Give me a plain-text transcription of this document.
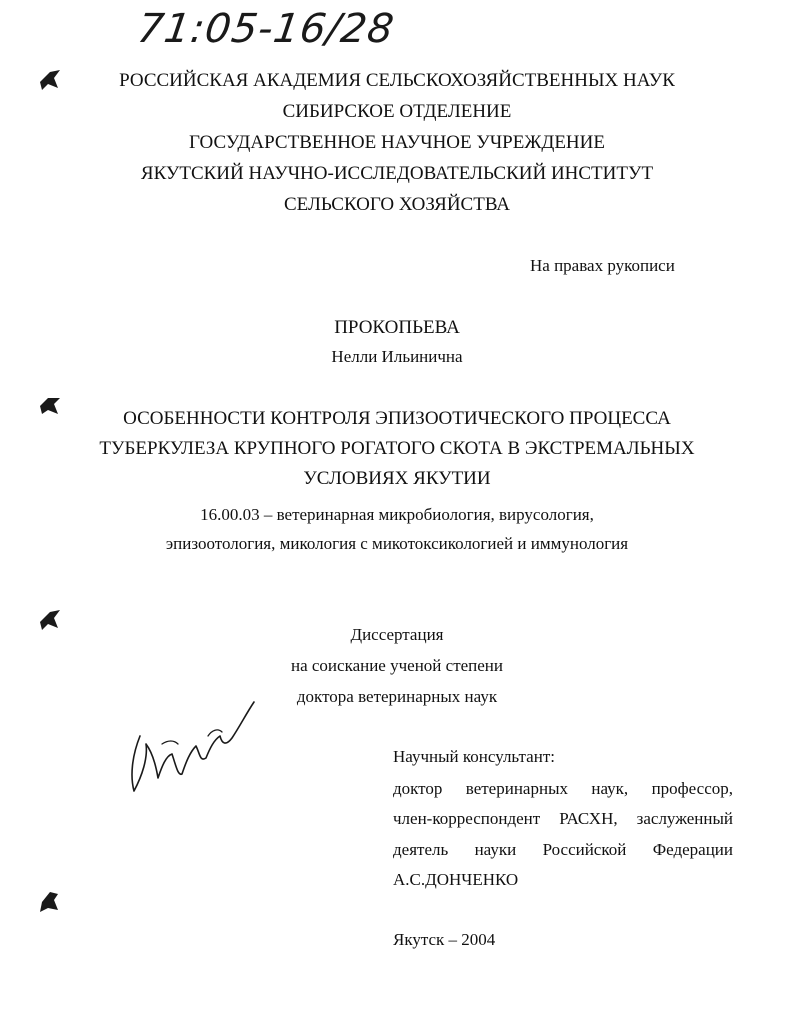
71:05-16/28
РОССИЙСКАЯ АКАДЕМИЯ СЕЛЬСКОХОЗЯЙСТВЕННЫХ НАУК
СИБИРСКОЕ ОТДЕЛЕНИЕ
ГОСУДАРСТВЕННОЕ НАУЧНОЕ УЧРЕЖДЕНИЕ
ЯКУТСКИЙ НАУЧНО-ИССЛЕДОВАТЕЛЬСКИЙ ИНСТИТУТ
СЕЛЬСКОГО ХОЗЯЙСТВА
На правах рукописи
ПРОКОПЬЕВА
Нелли Ильинична
ОСОБЕННОСТИ КОНТРОЛЯ ЭПИЗООТИЧЕСКОГО ПРОЦЕССА
ТУБЕРКУЛЕЗА КРУПНОГО РОГАТОГО СКОТА В ЭКСТРЕМАЛЬНЫХ
УСЛОВИЯХ ЯКУТИИ
16.00.03 – ветеринарная микробиология, вирусология,
эпизоотология, микология с микотоксикологией и иммунология
Диссертация
на соискание ученой степени
доктора ветеринарных наук
Научный консультант:
доктор ветеринарных наук, профессор,
член-корреспондент РАСХН, заслуженный
деятель науки Российской Федерации
А.С.ДОНЧЕНКО
Якутск – 2004
